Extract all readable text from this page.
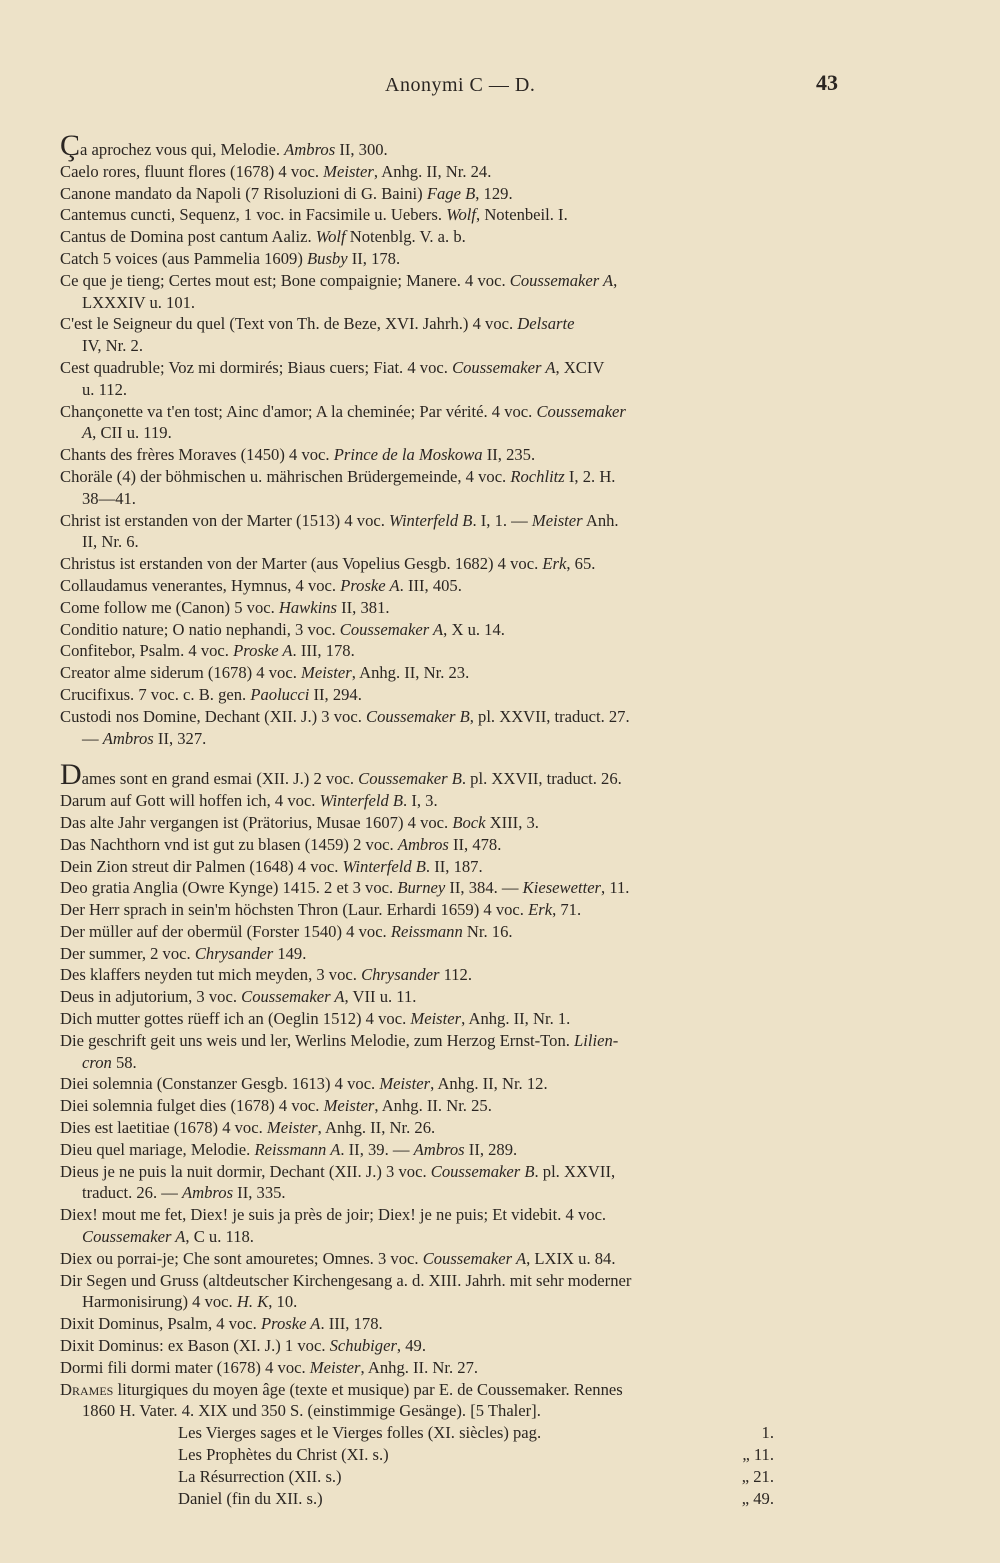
Anonymi C — D.	43
Ça aprochez vous qui, Melodie. Ambros II, 300.
Caelo rores, fluunt flores (1678) 4 voc. Meister, Anhg. II, Nr. 24.
Canone mandato da Napoli (7 Risoluzioni di G. Baini) Fage B, 129.
Cantemus cuncti, Sequenz, 1 voc. in Facsimile u. Uebers. Wolf, Notenbeil. I.
Cantus de Domina post cantum Aaliz. Wolf Notenblg. V. a. b.
Catch 5 voices (aus Pammelia 1609) Busby II, 178.
Ce que je tieng; Certes mout est; Bone compaignie; Manere. 4 voc. Coussemaker A,
LXXXIV u. 101.
C'est le Seigneur du quel (Text von Th. de Beze, XVI. Jahrh.) 4 voc. Delsarte
IV, Nr. 2.
Cest quadruble; Voz mi dormirés; Biaus cuers; Fiat. 4 voc. Coussemaker A, XCIV
u. 112.
Chançonette va t'en tost; Ainc d'amor; A la cheminée; Par vérité. 4 voc. Coussemaker
A, CII u. 119.
Chants des frères Moraves (1450) 4 voc. Prince de la Moskowa II, 235.
Choräle (4) der böhmischen u. mährischen Brüdergemeinde, 4 voc. Rochlitz I, 2. H.
38—41.
Christ ist erstanden von der Marter (1513) 4 voc. Winterfeld B. I, 1. — Meister Anh.
II, Nr. 6.
Christus ist erstanden von der Marter (aus Vopelius Gesgb. 1682) 4 voc. Erk, 65.
Collaudamus venerantes, Hymnus, 4 voc. Proske A. III, 405.
Come follow me (Canon) 5 voc. Hawkins II, 381.
Conditio nature; O natio nephandi, 3 voc. Coussemaker A, X u. 14.
Confitebor, Psalm. 4 voc. Proske A. III, 178.
Creator alme siderum (1678) 4 voc. Meister, Anhg. II, Nr. 23.
Crucifixus. 7 voc. c. B. gen. Paolucci II, 294.
Custodi nos Domine, Dechant (XII. J.) 3 voc. Coussemaker B, pl. XXVII, traduct. 27.
— Ambros II, 327.
Dames sont en grand esmai (XII. J.) 2 voc. Coussemaker B. pl. XXVII, traduct. 26.
Darum auf Gott will hoffen ich, 4 voc. Winterfeld B. I, 3.
Das alte Jahr vergangen ist (Prätorius, Musae 1607) 4 voc. Bock XIII, 3.
Das Nachthorn vnd ist gut zu blasen (1459) 2 voc. Ambros II, 478.
Dein Zion streut dir Palmen (1648) 4 voc. Winterfeld B. II, 187.
Deo gratia Anglia (Owre Kynge) 1415. 2 et 3 voc. Burney II, 384. — Kiesewetter, 11.
Der Herr sprach in sein'm höchsten Thron (Laur. Erhardi 1659) 4 voc. Erk, 71.
Der müller auf der obermül (Forster 1540) 4 voc. Reissmann Nr. 16.
Der summer, 2 voc. Chrysander 149.
Des klaffers neyden tut mich meyden, 3 voc. Chrysander 112.
Deus in adjutorium, 3 voc. Coussemaker A, VII u. 11.
Dich mutter gottes rüeff ich an (Oeglin 1512) 4 voc. Meister, Anhg. II, Nr. 1.
Die geschrift geit uns weis und ler, Werlins Melodie, zum Herzog Ernst-Ton. Lilien-
cron 58.
Diei solemnia (Constanzer Gesgb. 1613) 4 voc. Meister, Anhg. II, Nr. 12.
Diei solemnia fulget dies (1678) 4 voc. Meister, Anhg. II. Nr. 25.
Dies est laetitiae (1678) 4 voc. Meister, Anhg. II, Nr. 26.
Dieu quel mariage, Melodie. Reissmann A. II, 39. — Ambros II, 289.
Dieus je ne puis la nuit dormir, Dechant (XII. J.) 3 voc. Coussemaker B. pl. XXVII,
traduct. 26. — Ambros II, 335.
Diex! mout me fet, Diex! je suis ja près de joir; Diex! je ne puis; Et videbit. 4 voc.
Coussemaker A, C u. 118.
Diex ou porrai-je; Che sont amouretes; Omnes. 3 voc. Coussemaker A, LXIX u. 84.
Dir Segen und Gruss (altdeutscher Kirchengesang a. d. XIII. Jahrh. mit sehr moderner
Harmonisirung) 4 voc. H. K, 10.
Dixit Dominus, Psalm, 4 voc. Proske A. III, 178.
Dixit Dominus: ex Bason (XI. J.) 1 voc. Schubiger, 49.
Dormi fili dormi mater (1678) 4 voc. Meister, Anhg. II. Nr. 27.
Drames liturgiques du moyen âge (texte et musique) par E. de Coussemaker. Rennes
1860 H. Vater. 4. XIX und 350 S. (einstimmige Gesänge). [5 Thaler].
Les Vierges sages et le Vierges folles (XI. siècles) pag.	1.
Les Prophètes du Christ (XI. s.)	„ 11.
La Résurrection (XII. s.)	„ 21.
Daniel (fin du XII. s.)	„ 49.
